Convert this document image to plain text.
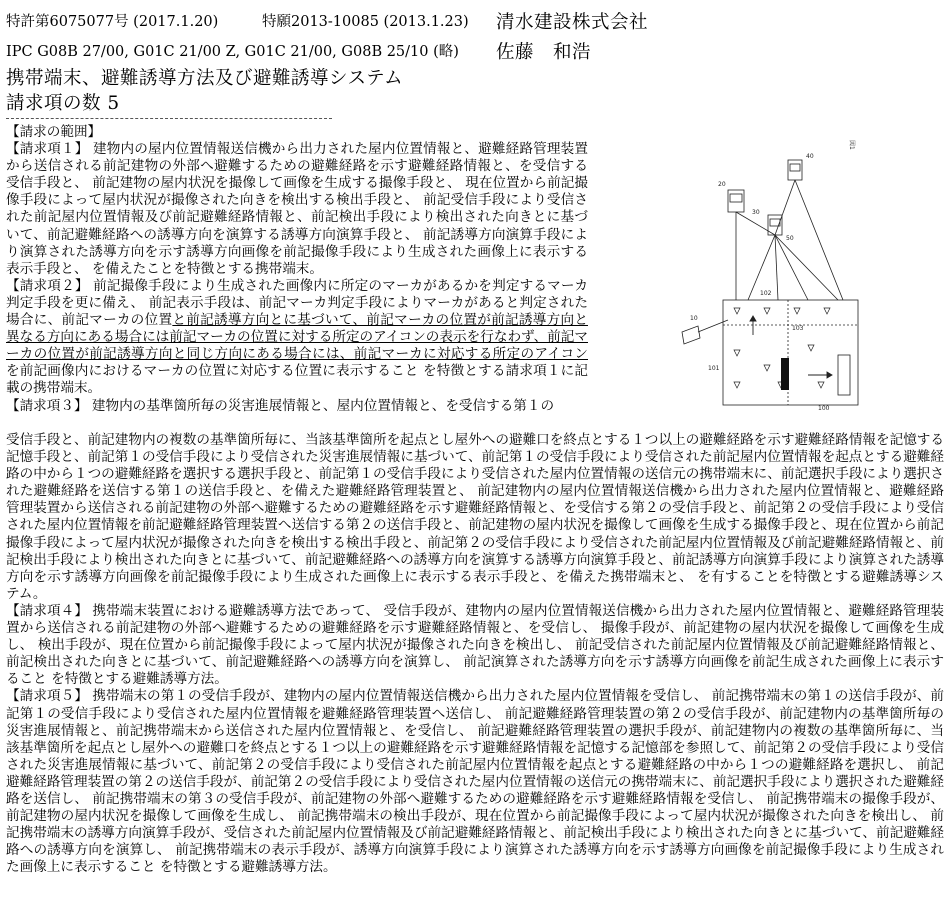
特許第6075077号 (2017.1.20)	特願2013-10085 (2013.1.23) 清水建設株式会社
IPC G08B 27/00, G01C 21/00 Z, G01C 21/00, G08B 25/10 (略) 佐藤　和浩
携帯端末、避難誘導方法及び避難誘導システム
請求項の数 5

【請求の範囲】

【請求項１】 建物内の屋内位置情報送信機から出力された屋内位置情報と、避難経路管理装置から送信される前記建物の外部へ避難するための避難経路を示す避難経路情報と、を受信する受信手段と、 前記建物の屋内状況を撮像して画像を生成する撮像手段と、 現在位置から前記撮像手段によって屋内状況が撮像された向きを検出する検出手段と、 前記受信手段により受信された前記屋内位置情報及び前記避難経路情報と、前記検出手段により検出された向きとに基づいて、前記避難経路への誘導方向を演算する誘導方向演算手段と、 前記誘導方向演算手段により演算された誘導方向を示す誘導方向画像を前記撮像手段により生成された画像上に表示する表示手段と、 を備えたことを特徴とする携帯端末。

【請求項２】 前記撮像手段により生成された画像内に所定のマーカがあるかを判定するマーカ判定手段を更に備え、 前記表示手段は、前記マーカ判定手段によりマーカがあると判定された場合に、前記マーカの位置と前記誘導方向とに基づいて、前記マーカの位置が前記誘導方向と異なる方向にある場合には前記マーカの位置に対する所定のアイコンの表示を行なわず、前記マーカの位置が前記誘導方向と同じ方向にある場合には、前記マーカに対応する所定のアイコンを前記画像内におけるマーカの位置に対応する位置に表示すること を特徴とする請求項１に記載の携帯端末。

【請求項３】 建物内の基準箇所毎の災害進展情報と、屋内位置情報と、を受信する第１の

図1
100
101
102
103
10
20
30
40
50

受信手段と、前記建物内の複数の基準箇所毎に、当該基準箇所を起点とし屋外への避難口を終点とする１つ以上の避難経路を示す避難経路情報を記憶する記憶手段と、前記第１の受信手段により受信された災害進展情報に基づいて、前記第１の受信手段により受信された前記屋内位置情報を起点とする避難経路の中から１つの避難経路を選択する選択手段と、前記第１の受信手段により受信された屋内位置情報の送信元の携帯端末に、前記選択手段により選択された避難経路を送信する第１の送信手段と、を備えた避難経路管理装置と、 前記建物内の屋内位置情報送信機から出力された屋内位置情報と、避難経路管理装置から送信される前記建物の外部へ避難するための避難経路を示す避難経路情報と、を受信する第２の受信手段と、前記第２の受信手段により受信された屋内位置情報を前記避難経路管理装置へ送信する第２の送信手段と、前記建物の屋内状況を撮像して画像を生成する撮像手段と、現在位置から前記撮像手段によって屋内状況が撮像された向きを検出する検出手段と、前記第２の受信手段により受信された前記屋内位置情報及び前記避難経路情報と、前記検出手段により検出された向きとに基づいて、前記避難経路への誘導方向を演算する誘導方向演算手段と、前記誘導方向演算手段により演算された誘導方向を示す誘導方向画像を前記撮像手段により生成された画像上に表示する表示手段と、を備えた携帯端末と、 を有することを特徴とする避難誘導システム。

【請求項４】 携帯端末装置における避難誘導方法であって、 受信手段が、建物内の屋内位置情報送信機から出力された屋内位置情報と、避難経路管理装置から送信される前記建物の外部へ避難するための避難経路を示す避難経路情報と、を受信し、 撮像手段が、前記建物の屋内状況を撮像して画像を生成し、 検出手段が、現在位置から前記撮像手段によって屋内状況が撮像された向きを検出し、 前記受信された前記屋内位置情報及び前記避難経路情報と、前記検出された向きとに基づいて、前記避難経路への誘導方向を演算し、 前記演算された誘導方向を示す誘導方向画像を前記生成された画像上に表示すること を特徴とする避難誘導方法。

【請求項５】 携帯端末の第１の受信手段が、建物内の屋内位置情報送信機から出力された屋内位置情報を受信し、 前記携帯端末の第１の送信手段が、前記第１の受信手段により受信された屋内位置情報を避難経路管理装置へ送信し、 前記避難経路管理装置の第２の受信手段が、前記建物内の基準箇所毎の災害進展情報と、前記携帯端末から送信された屋内位置情報と、を受信し、 前記避難経路管理装置の選択手段が、前記建物内の複数の基準箇所毎に、当該基準箇所を起点とし屋外への避難口を終点とする１つ以上の避難経路を示す避難経路情報を記憶する記憶部を参照して、前記第２の受信手段により受信された災害進展情報に基づいて、前記第２の受信手段により受信された前記屋内位置情報を起点とする避難経路の中から１つの避難経路を選択し、 前記避難経路管理装置の第２の送信手段が、前記第２の受信手段により受信された屋内位置情報の送信元の携帯端末に、前記選択手段により選択された避難経路を送信し、 前記携帯端末の第３の受信手段が、前記建物の外部へ避難するための避難経路を示す避難経路情報を受信し、 前記携帯端末の撮像手段が、前記建物の屋内状況を撮像して画像を生成し、 前記携帯端末の検出手段が、現在位置から前記撮像手段によって屋内状況が撮像された向きを検出し、 前記携帯端末の誘導方向演算手段が、受信された前記屋内位置情報及び前記避難経路情報と、前記検出手段により検出された向きとに基づいて、前記避難経路への誘導方向を演算し、 前記携帯端末の表示手段が、誘導方向演算手段により演算された誘導方向を示す誘導方向画像を前記撮像手段により生成された画像上に表示すること を特徴とする避難誘導方法。
